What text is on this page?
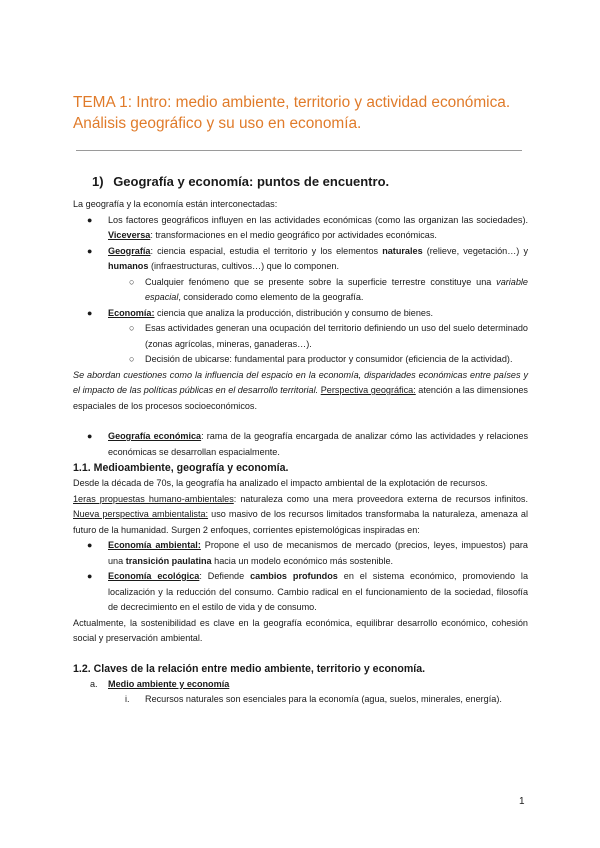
TEMA 1: Intro: medio ambiente, territorio y actividad económica.
Análisis geográfico y su uso en economía.
1) Geografía y economía: puntos de encuentro.

La geografía y la economía están interconectadas:

● Los factores geográficos influyen en las actividades económicas (como las organizan las sociedades). Viceversa: transformaciones en el medio geográfico por actividades económicas.
● Geografía: ciencia espacial, estudia el territorio y los elementos naturales (relieve, vegetación…) y humanos (infraestructuras, cultivos…) que lo componen.
○ Cualquier fenómeno que se presente sobre la superficie terrestre constituye una variable espacial, considerado como elemento de la geografía.
● Economía: ciencia que analiza la producción, distribución y consumo de bienes.
○ Esas actividades generan una ocupación del territorio definiendo un uso del suelo determinado (zonas agrícolas, mineras, ganaderas…).
○ Decisión de ubicarse: fundamental para productor y consumidor (eficiencia de la actividad).

Se abordan cuestiones como la influencia del espacio en la economía, disparidades económicas entre países y el impacto de las políticas públicas en el desarrollo territorial. Perspectiva geográfica: atención a las dimensiones espaciales de los procesos socioeconómicos.

● Geografía económica: rama de la geografía encargada de analizar cómo las actividades y relaciones económicas se desarrollan espacialmente.
1.1. Medioambiente, geografía y economía.

Desde la década de 70s, la geografía ha analizado el impacto ambiental de la explotación de recursos.

1eras propuestas humano-ambientales: naturaleza como una mera proveedora externa de recursos infinitos. Nueva perspectiva ambientalista: uso masivo de los recursos limitados transformaba la naturaleza, amenaza al futuro de la humanidad. Surgen 2 enfoques, corrientes epistemológicas inspiradas en:

● Economía ambiental: Propone el uso de mecanismos de mercado (precios, leyes, impuestos) para una transición paulatina hacia un modelo económico más sostenible.
● Economía ecológica: Defiende cambios profundos en el sistema económico, promoviendo la localización y la reducción del consumo. Cambio radical en el funcionamiento de la sociedad, filosofía de decrecimiento en el estilo de vida y de consumo.

Actualmente, la sostenibilidad es clave en la geografía económica, equilibrar desarrollo económico, cohesión social y preservación ambiental.

1.2. Claves de la relación entre medio ambiente, territorio y economía.
a. Medio ambiente y economía
i. Recursos naturales son esenciales para la economía (agua, suelos, minerales, energía).
1
